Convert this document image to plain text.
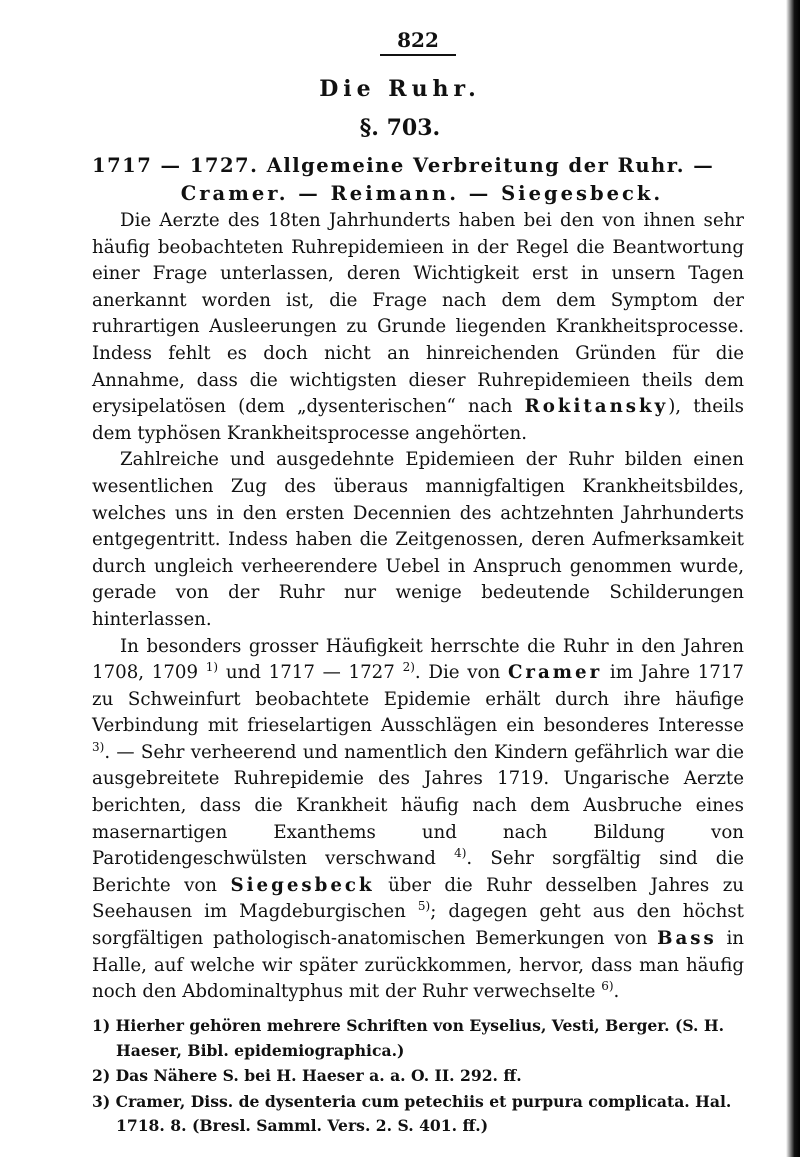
822
Die Ruhr.
§. 703.
1717 — 1727. Allgemeine Verbreitung der Ruhr. —
Cramer. — Reimann. — Siegesbeck.

Die Aerzte des 18ten Jahrhunderts haben bei den von ihnen sehr häufig beobachteten Ruhrepidemieen in der Regel die Beantwortung einer Frage unterlassen, deren Wichtigkeit erst in unsern Tagen anerkannt worden ist, die Frage nach dem dem Symptom der ruhrartigen Ausleerungen zu Grunde liegenden Krankheitsprocesse. Indess fehlt es doch nicht an hinreichenden Gründen für die Annahme, dass die wichtigsten dieser Ruhrepidemieen theils dem erysipelatösen (dem „dysenterischen“ nach Rokitansky), theils dem typhösen Krankheitsprocesse angehörten.

Zahlreiche und ausgedehnte Epidemieen der Ruhr bilden einen wesentlichen Zug des überaus mannigfaltigen Krankheitsbildes, welches uns in den ersten Decennien des achtzehnten Jahrhunderts entgegentritt. Indess haben die Zeitgenossen, deren Aufmerksamkeit durch ungleich verheerendere Uebel in Anspruch genommen wurde, gerade von der Ruhr nur wenige bedeutende Schilderungen hinterlassen.

In besonders grosser Häufigkeit herrschte die Ruhr in den Jahren 1708, 1709 $^{1)}$ und 1717 — 1727 $^{2)}$. Die von Cramer im Jahre 1717 zu Schweinfurt beobachtete Epidemie erhält durch ihre häufige Verbindung mit frieselartigen Ausschlägen ein besonderes Interesse $^{3)}$. — Sehr verheerend und namentlich den Kindern gefährlich war die ausgebreitete Ruhrepidemie des Jahres 1719. Ungarische Aerzte berichten, dass die Krankheit häufig nach dem Ausbruche eines masernartigen Exanthems und nach Bildung von Parotidengeschwülsten verschwand $^{4)}$. Sehr sorgfältig sind die Berichte von Siegesbeck über die Ruhr desselben Jahres zu Seehausen im Magdeburgischen $^{5)}$; dagegen geht aus den höchst sorgfältigen pathologisch-anatomischen Bemerkungen von Bass in Halle, auf welche wir später zurückkommen, hervor, dass man häufig noch den Abdominaltyphus mit der Ruhr verwechselte $^{6)}$.

1) Hierher gehören mehrere Schriften von Eyselius, Vesti, Berger. (S. H. Haeser, Bibl. epidemiographica.)

2) Das Nähere S. bei H. Haeser a. a. O. II. 292. ff.

3) Cramer, Diss. de dysenteria cum petechiis et purpura complicata. Hal. 1718. 8. (Bresl. Samml. Vers. 2. S. 401. ff.)
